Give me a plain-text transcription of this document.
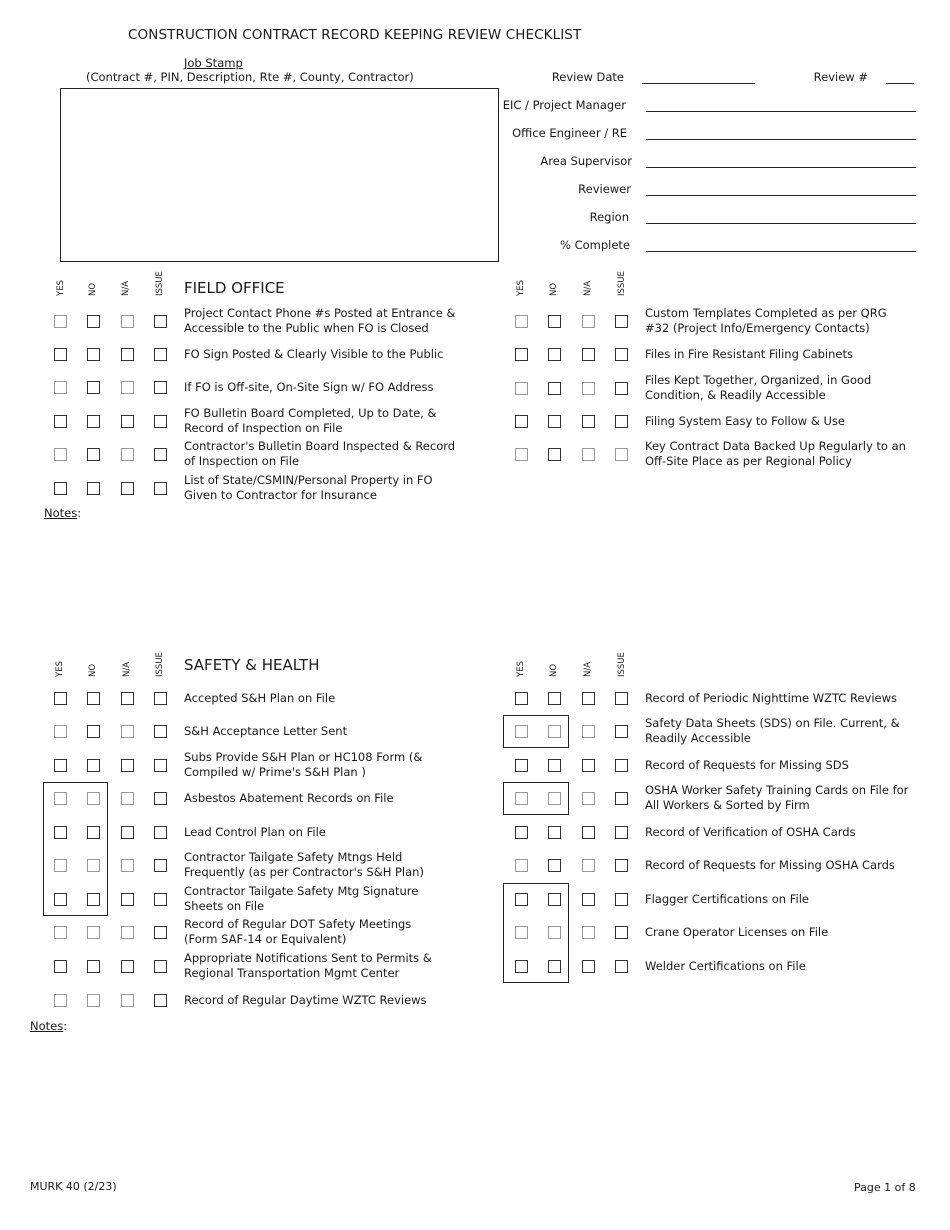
CONSTRUCTION CONTRACT RECORD KEEPING REVIEW CHECKLIST
Job Stamp
(Contract #, PIN, Description, Rte #, County, Contractor)	Review Date	Review #
EIC / Project Manager
Office Engineer / RE
Area Supervisor
Reviewer
Region
% Complete
YES	NO	N/A	ISSUE FIELD OFFICE	YES	NO	N/A	ISSUE
Project Contact Phone #s Posted at Entrance & Accessible to the Public when FO is Closed
FO Sign Posted & Clearly Visible to the Public
If FO is Off-site, On-Site Sign w/ FO Address
FO Bulletin Board Completed, Up to Date, & Record of Inspection on File
Contractor's Bulletin Board Inspected & Record of Inspection on File
List of State/CSMIN/Personal Property in FO Given to Contractor for Insurance
Custom Templates Completed as per QRG #32 (Project Info/Emergency Contacts)
Files in Fire Resistant Filing Cabinets
Files Kept Together, Organized, in Good Condition, & Readily Accessible
Filing System Easy to Follow & Use
Key Contract Data Backed Up Regularly to an Off-Site Place as per Regional Policy
Notes:
YES	NO	N/A	ISSUE SAFETY & HEALTH	YES	NO	N/A	ISSUE
Accepted S&H Plan on File
S&H Acceptance Letter Sent
Subs Provide S&H Plan or HC108 Form (& Compiled w/ Prime's S&H Plan )
Asbestos Abatement Records on File
Lead Control Plan on File
Contractor Tailgate Safety Mtngs Held Frequently (as per Contractor's S&H Plan)
Contractor Tailgate Safety Mtg Signature Sheets on File
Record of Regular DOT Safety Meetings (Form SAF-14 or Equivalent)
Appropriate Notifications Sent to Permits & Regional Transportation Mgmt Center
Record of Regular Daytime WZTC Reviews
Record of Periodic Nighttime WZTC Reviews
Safety Data Sheets (SDS) on File. Current, & Readily Accessible
Record of Requests for Missing SDS
OSHA Worker Safety Training Cards on File for All Workers & Sorted by Firm
Record of Verification of OSHA Cards
Record of Requests for Missing OSHA Cards
Flagger Certifications on File
Crane Operator Licenses on File
Welder Certifications on File
Notes:
MURK 40 (2/23)	Page 1 of 8
